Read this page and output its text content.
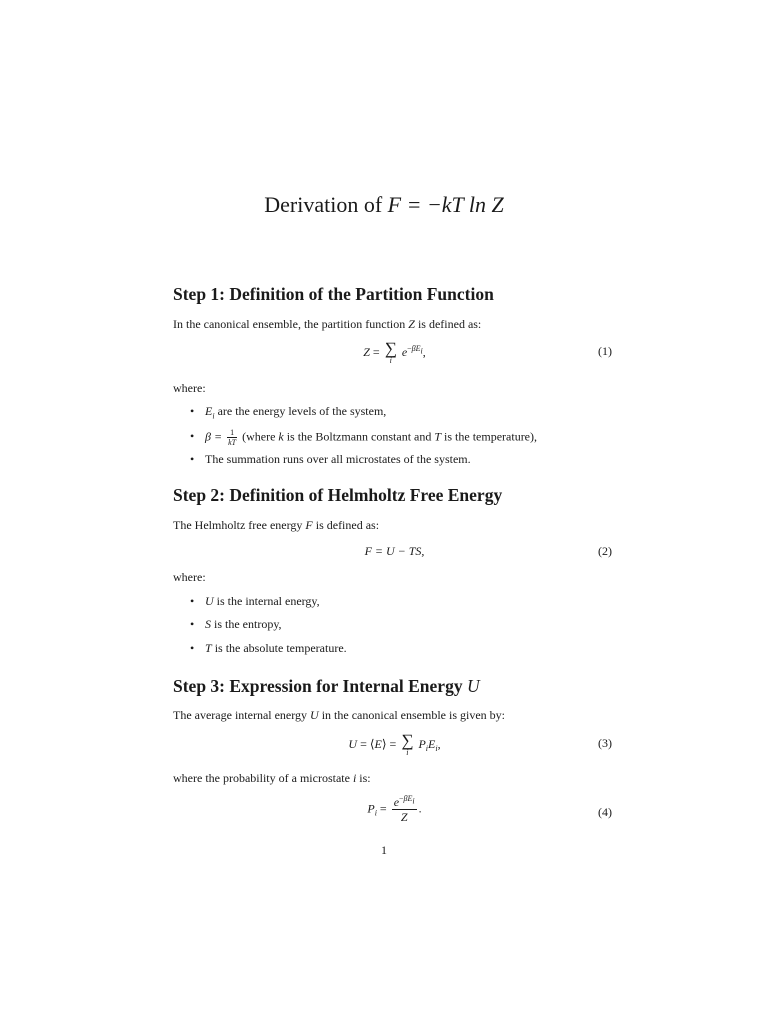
Derivation of F = −kT ln Z
Step 1: Definition of the Partition Function
In the canonical ensemble, the partition function Z is defined as:
Z = ∑
i
$e^{-\beta E_i}$,	(1)
where:
• $E_i$ are the energy levels of the system,
• $\beta = \frac{1}{kT}$ (where k is the Boltzmann constant and T is the temperature),
• The summation runs over all microstates of the system.
Step 2: Definition of Helmholtz Free Energy
The Helmholtz free energy F is defined as:
F = U − TS,	(2)
where:
• U is the internal energy,
• S is the entropy,
• T is the absolute temperature.
Step 3: Expression for Internal Energy U
The average internal energy U in the canonical ensemble is given by:
U = ⟨E⟩ = ∑
i
$P_iE_i$,	(3)
where the probability of a microstate i is:
$P_i = \frac{e^{-\beta E_i}}{Z}$ .	(4)
1
